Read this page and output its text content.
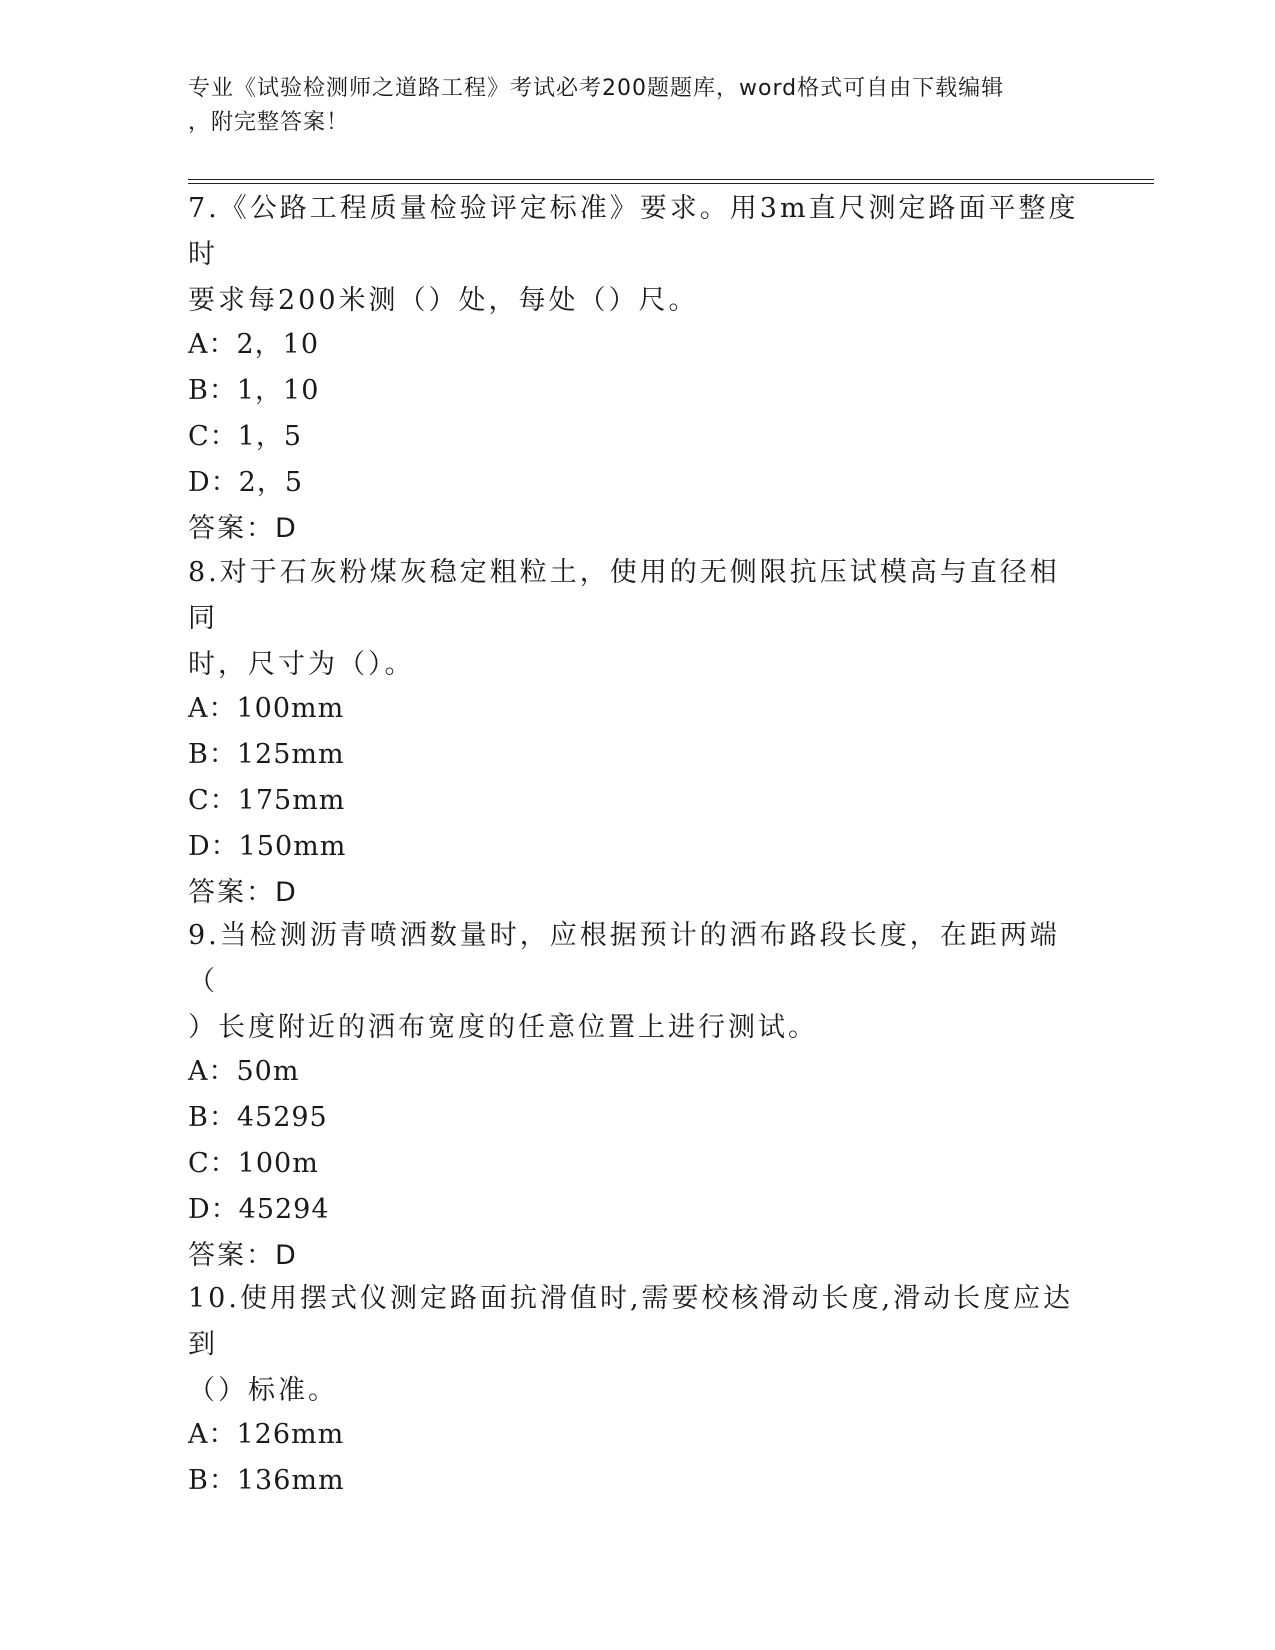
专业《试验检测师之道路工程》考试必考200题题库，word格式可自由下载编辑
，附完整答案！
7.《公路工程质量检验评定标准》要求。用3m直尺测定路面平整度时
要求每200米测（）处，每处（）尺。
A：2，10
B：1，10
C：1，5
D：2，5
答案：D
8.对于石灰粉煤灰稳定粗粒土，使用的无侧限抗压试模高与直径相同
时，尺寸为（）。
A：100mm
B：125mm
C：175mm
D：150mm
答案：D
9.当检测沥青喷洒数量时，应根据预计的洒布路段长度，在距两端（
）长度附近的洒布宽度的任意位置上进行测试。
A：50m
B：45295
C：100m
D：45294
答案：D
10.使用摆式仪测定路面抗滑值时,需要校核滑动长度,滑动长度应达到
（）标准。
A：126mm
B：136mm
